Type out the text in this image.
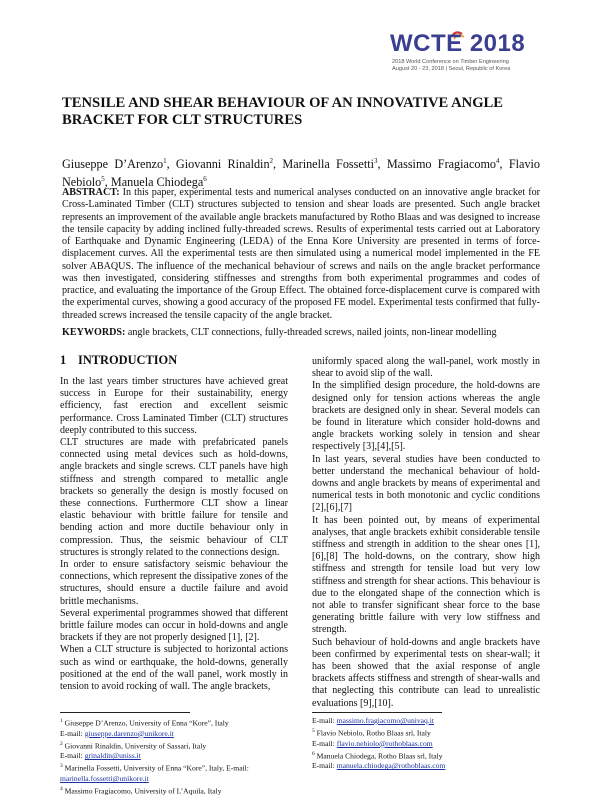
WCTE 2018
2018 World Conference on Timber Engineering
August 20 - 23, 2018 | Seoul, Republic of Korea
TENSILE AND SHEAR BEHAVIOUR OF AN INNOVATIVE ANGLE BRACKET FOR CLT STRUCTURES

Giuseppe D’Arenzo$^1$, Giovanni Rinaldin$^2$, Marinella Fossetti$^3$, Massimo Fragiacomo$^4$, Flavio Nebiolo$^5$, Manuela Chiodega$^6$

ABSTRACT: In this paper, experimental tests and numerical analyses conducted on an innovative angle bracket for Cross-Laminated Timber (CLT) structures subjected to tension and shear loads are presented. Such angle bracket represents an improvement of the available angle brackets manufactured by Rotho Blaas and was designed to increase the tensile capacity by adding inclined fully-threaded screws. Results of experimental tests carried out at Laboratory of Earthquake and Dynamic Engineering (LEDA) of the Enna Kore University are presented in terms of force-displacement curves. All the experimental tests are then simulated using a numerical model implemented in the FE solver ABAQUS. The influence of the mechanical behaviour of screws and nails on the angle bracket performance was then investigated, considering stiffnesses and strengths from both experimental programmes and codes of practice, and evaluating the importance of the Group Effect. The obtained force-displacement curve is compared with the experimental curves, showing a good accuracy of the proposed FE model. Experimental tests confirmed that fully-threaded screws increased the tensile capacity of the angle bracket.

KEYWORDS: angle brackets, CLT connections, fully-threaded screws, nailed joints, non-linear modelling

1 INTRODUCTION

In the last years timber structures have achieved great success in Europe for their sustainability, energy efficiency, fast erection and excellent seismic performance. Cross Laminated Timber (CLT) structures deeply contributed to this success.

CLT structures are made with prefabricated panels connected using metal devices such as hold-downs, angle brackets and single screws. CLT panels have high stiffness and strength compared to metallic angle brackets so generally the design is mostly focused on these connections. Furthermore CLT show a linear elastic behaviour with brittle failure for tensile and bending action and more ductile behaviour only in compression. Thus, the seismic behaviour of CLT structures is strongly related to the connections design.

In order to ensure satisfactory seismic behaviour the connections, which represent the dissipative zones of the structures, should ensure a ductile failure and avoid brittle mechanisms.

Several experimental programmes showed that different brittle failure modes can occur in hold-downs and angle brackets if they are not properly designed [1], [2].

When a CLT structure is subjected to horizontal actions such as wind or earthquake, the hold-downs, generally positioned at the end of the wall panel, work mostly in tension to avoid rocking of wall. The angle brackets,

uniformly spaced along the wall-panel, work mostly in shear to avoid slip of the wall.

In the simplified design procedure, the hold-downs are designed only for tension actions whereas the angle brackets are designed only in shear. Several models can be found in literature which consider hold-downs and angle brackets working solely in tension and shear respectively [3],[4],[5].

In last years, several studies have been conducted to better understand the mechanical behaviour of hold-downs and angle brackets by means of experimental and numerical tests in both monotonic and cyclic conditions [2],[6],[7]

It has been pointed out, by means of experimental analyses, that angle brackets exhibit considerable tensile stiffness and strength in addition to the shear ones [1],[6],[8] The hold-downs, on the contrary, show high stiffness and strength for tensile load but very low stiffness and strength for shear actions. This behaviour is due to the elongated shape of the connection which is not able to transfer significant shear force to the base generating brittle failure with very low stiffness and strength.

Such behaviour of hold-downs and angle brackets have been confirmed by experimental tests on shear-wall; it has been showed that the axial response of angle brackets affects stiffness and strength of shear-walls and that neglecting this contribute can lead to unrealistic evaluations [9],[10].

$^1$ Giuseppe D’Arenzo, University of Enna “Kore”, Italy

E-mail: giuseppe.darenzo@unikore.it

$^2$ Giovanni Rinaldin, University of Sassari, Italy

E-mail: grinaldin@uniss.it

$^3$ Marinella Fossetti, University of Enna “Kore”, Italy, E-mail:

marinella.fossetti@unikore.it

$^4$ Massimo Fragiacomo, University of L’Aquila, Italy

E-mail: massimo.fragiacomo@univaq.it

$^5$ Flavio Nebiolo, Rotho Blaas srl, Italy

E-mail: flavio.nebiolo@rothoblaas.com

$^6$ Manuela Chiodega, Rotho Blaas srl, Italy

E-mail: manuela.chiodega@rothoblaas.com
